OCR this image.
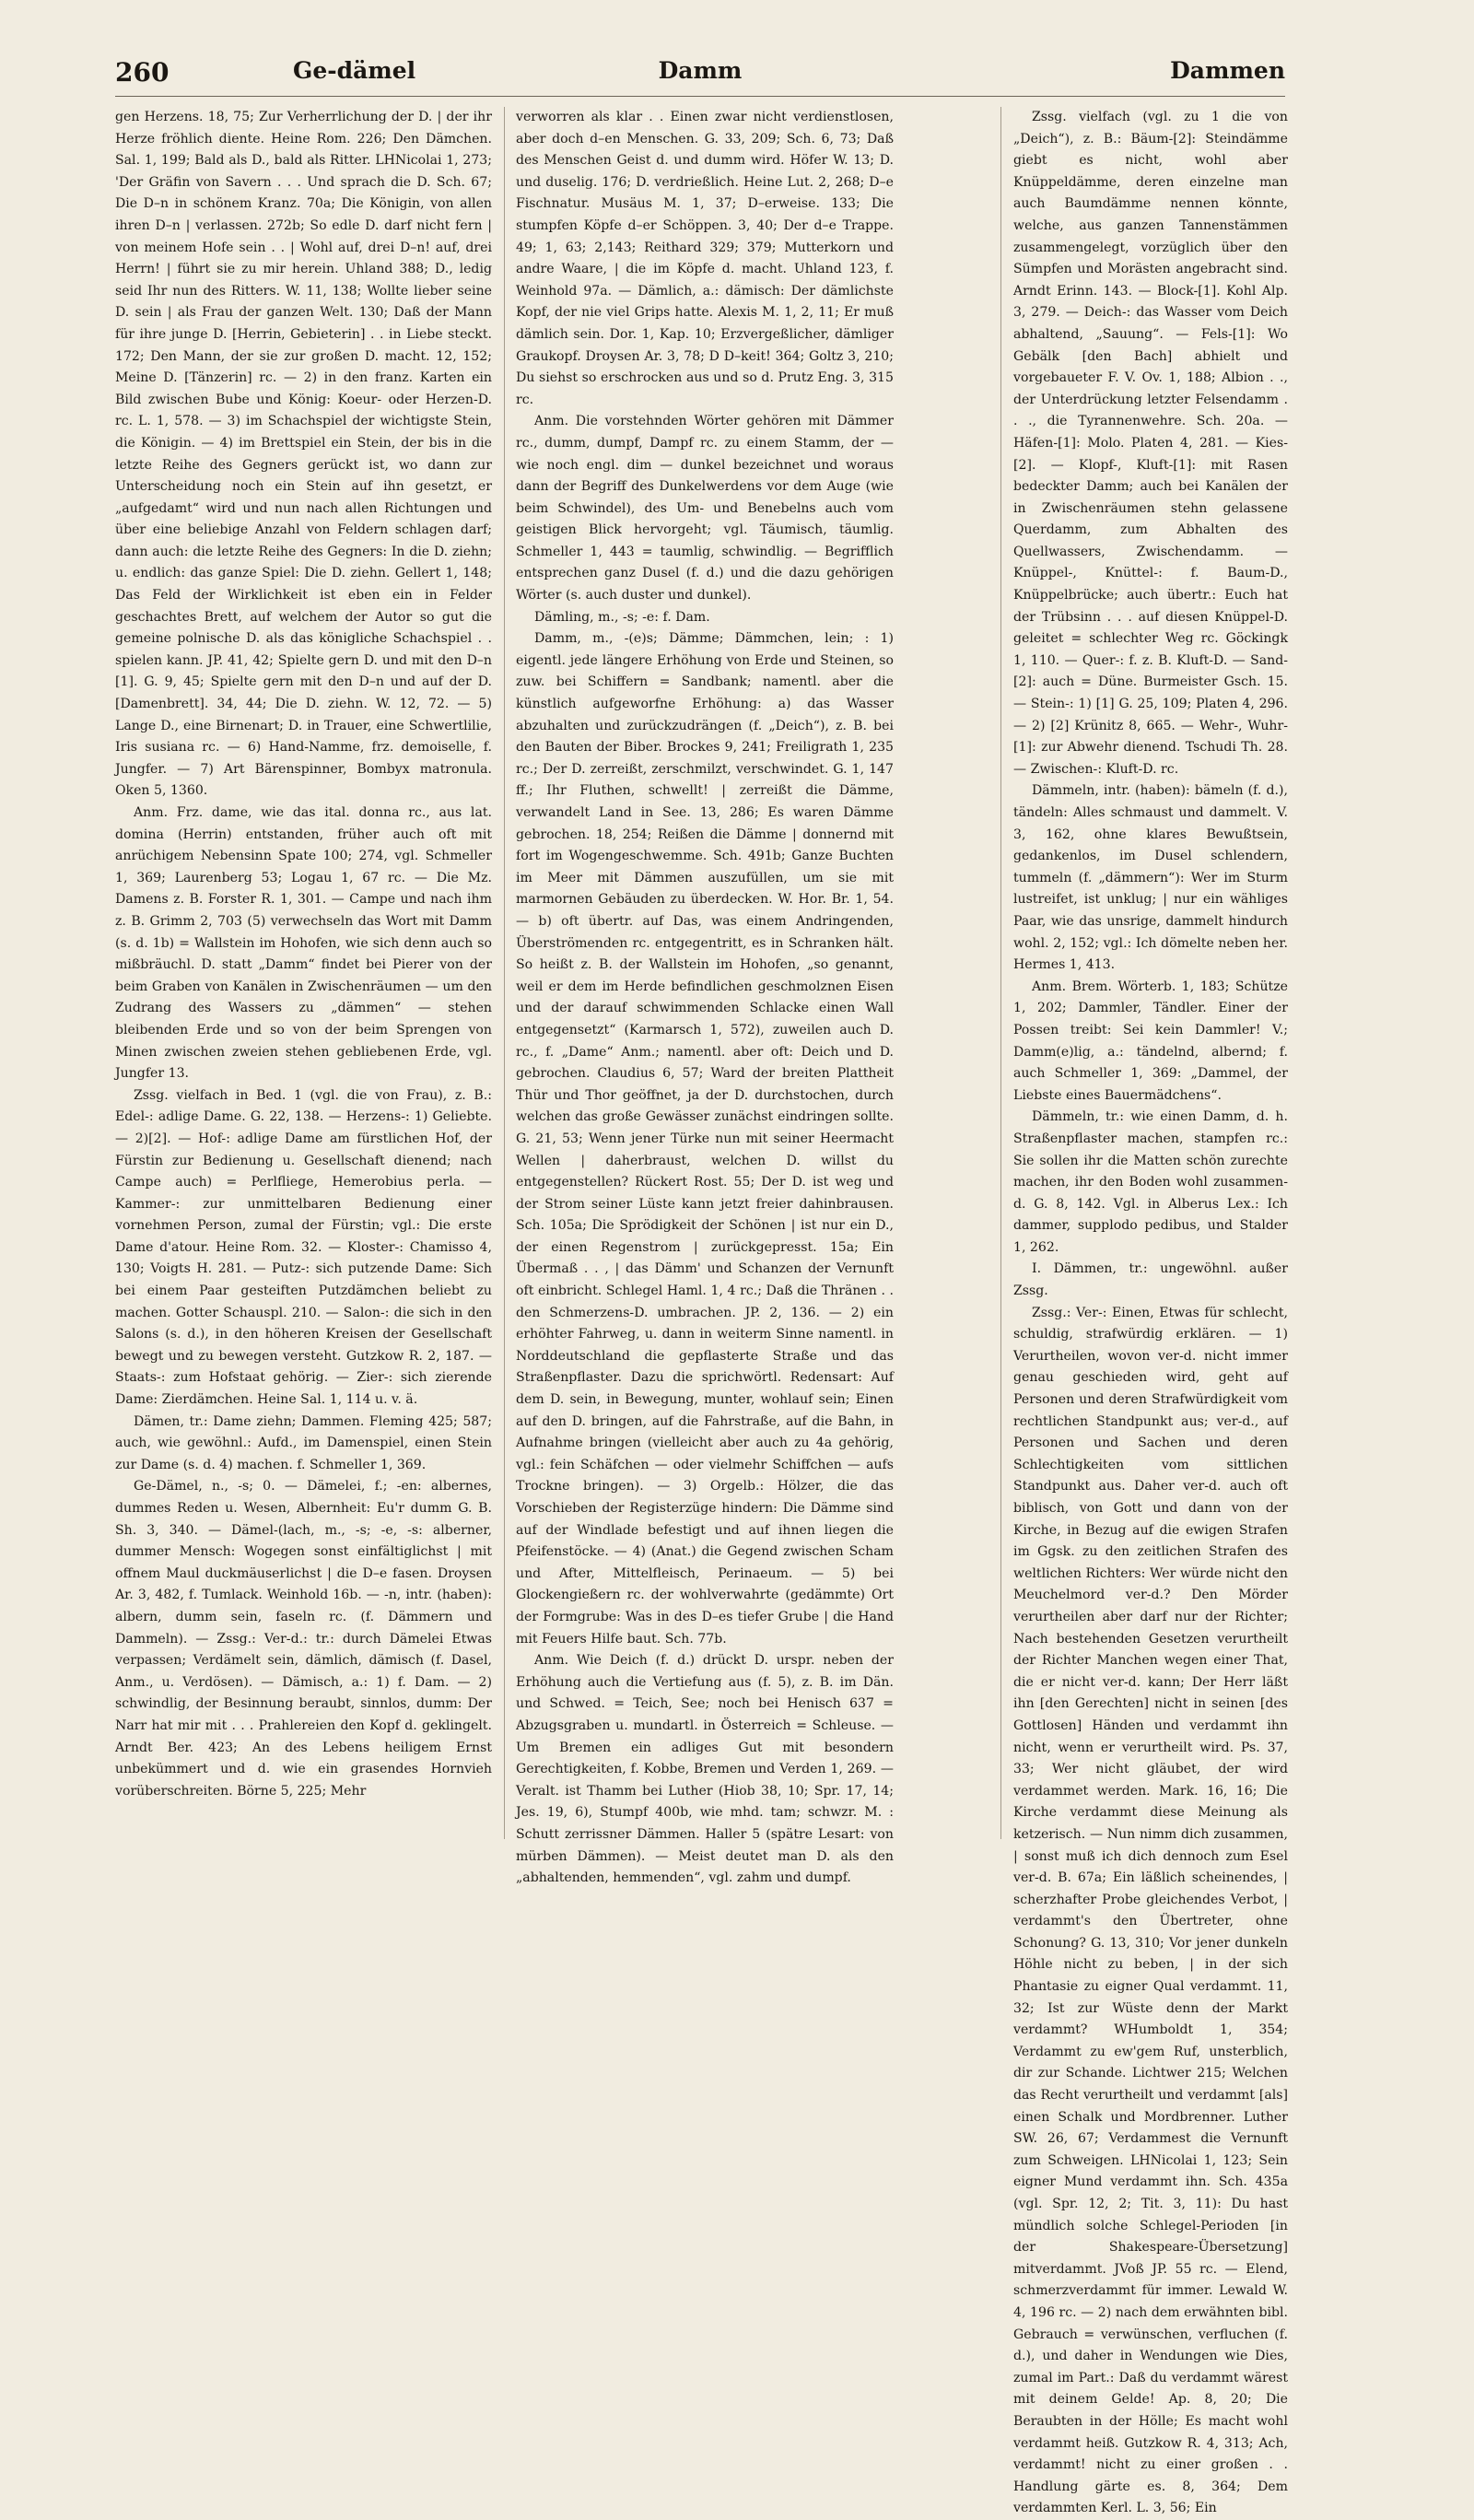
260	Ge-dämel	Damm	Dammen

gen Herzens. 18, 75; Zur Verherrlichung der D. | der ihr Herze fröhlich diente. Heine Rom. 226; Den Dämchen. Sal. 1, 199; Bald als D., bald als Ritter. LHNicolai 1, 273; 'Der Gräfin von Savern . . . Und sprach die D. Sch. 67; Die D–n in schönem Kranz. 70a; Die Königin, von allen ihren D–n | verlassen. 272b; So edle D. darf nicht fern | von meinem Hofe sein . . | Wohl auf, drei D–n! auf, drei Herrn! | führt sie zu mir herein. Uhland 388; D., ledig seid Ihr nun des Ritters. W. 11, 138; Wollte lieber seine D. sein | als Frau der ganzen Welt. 130; Daß der Mann für ihre junge D. [Herrin, Gebieterin] . . in Liebe steckt. 172; Den Mann, der sie zur großen D. macht. 12, 152; Meine D. [Tänzerin] rc. — 2) in den franz. Karten ein Bild zwischen Bube und König: Koeur- oder Herzen-D. rc. L. 1, 578. — 3) im Schachspiel der wichtigste Stein, die Königin. — 4) im Brettspiel ein Stein, der bis in die letzte Reihe des Gegners gerückt ist, wo dann zur Unterscheidung noch ein Stein auf ihn gesetzt, er „aufgedamt“ wird und nun nach allen Richtungen und über eine beliebige Anzahl von Feldern schlagen darf; dann auch: die letzte Reihe des Gegners: In die D. ziehn; u. endlich: das ganze Spiel: Die D. ziehn. Gellert 1, 148; Das Feld der Wirklichkeit ist eben ein in Felder geschachtes Brett, auf welchem der Autor so gut die gemeine polnische D. als das königliche Schachspiel . . spielen kann. JP. 41, 42; Spielte gern D. und mit den D–n [1]. G. 9, 45; Spielte gern mit den D–n und auf der D. [Damenbrett]. 34, 44; Die D. ziehn. W. 12, 72. — 5) Lange D., eine Birnenart; D. in Trauer, eine Schwertlilie, Iris susiana rc. — 6) Hand-Namme, frz. demoiselle, f. Jungfer. — 7) Art Bärenspinner, Bombyx matronula. Oken 5, 1360.

Anm. Frz. dame, wie das ital. donna rc., aus lat. domina (Herrin) entstanden, früher auch oft mit anrüchigem Nebensinn Spate 100; 274, vgl. Schmeller 1, 369; Laurenberg 53; Logau 1, 67 rc. — Die Mz. Damens z. B. Forster R. 1, 301. — Campe und nach ihm z. B. Grimm 2, 703 (5) verwechseln das Wort mit Damm (s. d. 1b) = Wallstein im Hohofen, wie sich denn auch so mißbräuchl. D. statt „Damm“ findet bei Pierer von der beim Graben von Kanälen in Zwischenräumen — um den Zudrang des Wassers zu „dämmen“ — stehen bleibenden Erde und so von der beim Sprengen von Minen zwischen zweien stehen gebliebenen Erde, vgl. Jungfer 13.

Zssg. vielfach in Bed. 1 (vgl. die von Frau), z. B.: Edel-: adlige Dame. G. 22, 138. — Herzens-: 1) Geliebte. — 2)[2]. — Hof-: adlige Dame am fürstlichen Hof, der Fürstin zur Bedienung u. Gesellschaft dienend; nach Campe auch) = Perlfliege, Hemerobius perla. — Kammer-: zur unmittelbaren Bedienung einer vornehmen Person, zumal der Fürstin; vgl.: Die erste Dame d'atour. Heine Rom. 32. — Kloster-: Chamisso 4, 130; Voigts H. 281. — Putz-: sich putzende Dame: Sich bei einem Paar gesteiften Putzdämchen beliebt zu machen. Gotter Schauspl. 210. — Salon-: die sich in den Salons (s. d.), in den höheren Kreisen der Gesellschaft bewegt und zu bewegen versteht. Gutzkow R. 2, 187. — Staats-: zum Hofstaat gehörig. — Zier-: sich zierende Dame: Zierdämchen. Heine Sal. 1, 114 u. v. ä.

Dämen, tr.: Dame ziehn; Dammen. Fleming 425; 587; auch, wie gewöhnl.: Aufd., im Damenspiel, einen Stein zur Dame (s. d. 4) machen. f. Schmeller 1, 369.

Ge-Dämel, n., -s; 0. — Dämelei, f.; -en: albernes, dummes Reden u. Wesen, Albernheit: Eu'r dumm G. B. Sh. 3, 340. — Dämel-(lach, m., -s; -e, -s: alberner, dummer Mensch: Wogegen sonst einfältiglichst | mit offnem Maul duckmäuserlichst | die D–e fasen. Droysen Ar. 3, 482, f. Tumlack. Weinhold 16b. — -n, intr. (haben): albern, dumm sein, faseln rc. (f. Dämmern und Dammeln). — Zssg.: Ver-d.: tr.: durch Dämelei Etwas verpassen; Verdämelt sein, dämlich, dämisch (f. Dasel, Anm., u. Verdösen). — Dämisch, a.: 1) f. Dam. — 2) schwindlig, der Besinnung beraubt, sinnlos, dumm: Der Narr hat mir mit . . . Prahlereien den Kopf d. geklingelt. Arndt Ber. 423; An des Lebens heiligem Ernst unbekümmert und d. wie ein grasendes Hornvieh vorüberschreiten. Börne 5, 225; Mehr

verworren als klar . . Einen zwar nicht verdienstlosen, aber doch d–en Menschen. G. 33, 209; Sch. 6, 73; Daß des Menschen Geist d. und dumm wird. Höfer W. 13; D. und duselig. 176; D. verdrießlich. Heine Lut. 2, 268; D–e Fischnatur. Musäus M. 1, 37; D–erweise. 133; Die stumpfen Köpfe d–er Schöppen. 3, 40; Der d–e Trappe. 49; 1, 63; 2,143; Reithard 329; 379; Mutterkorn und andre Waare, | die im Köpfe d. macht. Uhland 123, f. Weinhold 97a. — Dämlich, a.: dämisch: Der dämlichste Kopf, der nie viel Grips hatte. Alexis M. 1, 2, 11; Er muß dämlich sein. Dor. 1, Kap. 10; Erzvergeßlicher, dämliger Graukopf. Droysen Ar. 3, 78; D D–keit! 364; Goltz 3, 210; Du siehst so erschrocken aus und so d. Prutz Eng. 3, 315 rc.

Anm. Die vorstehnden Wörter gehören mit Dämmer rc., dumm, dumpf, Dampf rc. zu einem Stamm, der — wie noch engl. dim — dunkel bezeichnet und woraus dann der Begriff des Dunkelwerdens vor dem Auge (wie beim Schwindel), des Um- und Benebelns auch vom geistigen Blick hervorgeht; vgl. Täumisch, täumlig. Schmeller 1, 443 = taumlig, schwindlig. — Begrifflich entsprechen ganz Dusel (f. d.) und die dazu gehörigen Wörter (s. auch duster und dunkel).

Dämling, m., -s; -e: f. Dam.

Damm, m., -(e)s; Dämme; Dämmchen, lein; : 1) eigentl. jede längere Erhöhung von Erde und Steinen, so zuw. bei Schiffern = Sandbank; namentl. aber die künstlich aufgeworfne Erhöhung: a) das Wasser abzuhalten und zurückzudrängen (f. „Deich“), z. B. bei den Bauten der Biber. Brockes 9, 241; Freiligrath 1, 235 rc.; Der D. zerreißt, zerschmilzt, verschwindet. G. 1, 147 ff.; Ihr Fluthen, schwellt! | zerreißt die Dämme, verwandelt Land in See. 13, 286; Es waren Dämme gebrochen. 18, 254; Reißen die Dämme | donnernd mit fort im Wogengeschwemme. Sch. 491b; Ganze Buchten im Meer mit Dämmen auszufüllen, um sie mit marmornen Gebäuden zu überdecken. W. Hor. Br. 1, 54. — b) oft übertr. auf Das, was einem Andringenden, Überströmenden rc. entgegentritt, es in Schranken hält. So heißt z. B. der Wallstein im Hohofen, „so genannt, weil er dem im Herde befindlichen geschmolznen Eisen und der darauf schwimmenden Schlacke einen Wall entgegensetzt“ (Karmarsch 1, 572), zuweilen auch D. rc., f. „Dame“ Anm.; namentl. aber oft: Deich und D. gebrochen. Claudius 6, 57; Ward der breiten Plattheit Thür und Thor geöffnet, ja der D. durchstochen, durch welchen das große Gewässer zunächst eindringen sollte. G. 21, 53; Wenn jener Türke nun mit seiner Heermacht Wellen | daherbraust, welchen D. willst du entgegenstellen? Rückert Rost. 55; Der D. ist weg und der Strom seiner Lüste kann jetzt freier dahinbrausen. Sch. 105a; Die Sprödigkeit der Schönen | ist nur ein D., der einen Regenstrom | zurückgepresst. 15a; Ein Übermaß . . , | das Dämm' und Schanzen der Vernunft oft einbricht. Schlegel Haml. 1, 4 rc.; Daß die Thränen . . den Schmerzens-D. umbrachen. JP. 2, 136. — 2) ein erhöhter Fahrweg, u. dann in weiterm Sinne namentl. in Norddeutschland die gepflasterte Straße und das Straßenpflaster. Dazu die sprichwörtl. Redensart: Auf dem D. sein, in Bewegung, munter, wohlauf sein; Einen auf den D. bringen, auf die Fahrstraße, auf die Bahn, in Aufnahme bringen (vielleicht aber auch zu 4a gehörig, vgl.: fein Schäfchen — oder vielmehr Schiffchen — aufs Trockne bringen). — 3) Orgelb.: Hölzer, die das Vorschieben der Registerzüge hindern: Die Dämme sind auf der Windlade befestigt und auf ihnen liegen die Pfeifenstöcke. — 4) (Anat.) die Gegend zwischen Scham und After, Mittelfleisch, Perinaeum. — 5) bei Glockengießern rc. der wohlverwahrte (gedämmte) Ort der Formgrube: Was in des D–es tiefer Grube | die Hand mit Feuers Hilfe baut. Sch. 77b.

Anm. Wie Deich (f. d.) drückt D. urspr. neben der Erhöhung auch die Vertiefung aus (f. 5), z. B. im Dän. und Schwed. = Teich, See; noch bei Henisch 637 = Abzugsgraben u. mundartl. in Österreich = Schleuse. — Um Bremen ein adliges Gut mit besondern Gerechtigkeiten, f. Kobbe, Bremen und Verden 1, 269. — Veralt. ist Thamm bei Luther (Hiob 38, 10; Spr. 17, 14; Jes. 19, 6), Stumpf 400b, wie mhd. tam; schwzr. M. : Schutt zerrissner Dämmen. Haller 5 (spätre Lesart: von mürben Dämmen). — Meist deutet man D. als den „abhaltenden, hemmenden“, vgl. zahm und dumpf.

Zssg. vielfach (vgl. zu 1 die von „Deich“), z. B.: Bäum-[2]: Steindämme giebt es nicht, wohl aber Knüppeldämme, deren einzelne man auch Baumdämme nennen könnte, welche, aus ganzen Tannenstämmen zusammengelegt, vorzüglich über den Sümpfen und Morästen angebracht sind. Arndt Erinn. 143. — Block-[1]. Kohl Alp. 3, 279. — Deich-: das Wasser vom Deich abhaltend, „Sauung“. — Fels-[1]: Wo Gebälk [den Bach] abhielt und vorgebaueter F. V. Ov. 1, 188; Albion . ., der Unterdrückung letzter Felsendamm . . ., die Tyrannenwehre. Sch. 20a. — Häfen-[1]: Molo. Platen 4, 281. — Kies-[2]. — Klopf-, Kluft-[1]: mit Rasen bedeckter Damm; auch bei Kanälen der in Zwischenräumen stehn gelassene Querdamm, zum Abhalten des Quellwassers, Zwischendamm. — Knüppel-, Knüttel-: f. Baum-D., Knüppelbrücke; auch übertr.: Euch hat der Trübsinn . . . auf diesen Knüppel-D. geleitet = schlechter Weg rc. Göckingk 1, 110. — Quer-: f. z. B. Kluft-D. — Sand-[2]: auch = Düne. Burmeister Gsch. 15. — Stein-: 1) [1] G. 25, 109; Platen 4, 296. — 2) [2] Krünitz 8, 665. — Wehr-, Wuhr-[1]: zur Abwehr dienend. Tschudi Th. 28. — Zwischen-: Kluft-D. rc.

Dämmeln, intr. (haben): bämeln (f. d.), tändeln: Alles schmaust und dammelt. V. 3, 162, ohne klares Bewußtsein, gedankenlos, im Dusel schlendern, tummeln (f. „dämmern“): Wer im Sturm lustreifet, ist unklug; | nur ein wähliges Paar, wie das unsrige, dammelt hindurch wohl. 2, 152; vgl.: Ich dömelte neben her. Hermes 1, 413.

Anm. Brem. Wörterb. 1, 183; Schütze 1, 202; Dammler, Tändler. Einer der Possen treibt: Sei kein Dammler! V.; Damm(e)lig, a.: tändelnd, albernd; f. auch Schmeller 1, 369: „Dammel, der Liebste eines Bauermädchens“.

Dämmeln, tr.: wie einen Damm, d. h. Straßenpflaster machen, stampfen rc.: Sie sollen ihr die Matten schön zurechte machen, ihr den Boden wohl zusammen-d. G. 8, 142. Vgl. in Alberus Lex.: Ich dammer, supplodo pedibus, und Stalder 1, 262.

I. Dämmen, tr.: ungewöhnl. außer Zssg.

Zssg.: Ver-: Einen, Etwas für schlecht, schuldig, strafwürdig erklären. — 1) Verurtheilen, wovon ver-d. nicht immer genau geschieden wird, geht auf Personen und deren Strafwürdigkeit vom rechtlichen Standpunkt aus; ver-d., auf Personen und Sachen und deren Schlechtigkeiten vom sittlichen Standpunkt aus. Daher ver-d. auch oft biblisch, von Gott und dann von der Kirche, in Bezug auf die ewigen Strafen im Ggsk. zu den zeitlichen Strafen des weltlichen Richters: Wer würde nicht den Meuchelmord ver-d.? Den Mörder verurtheilen aber darf nur der Richter; Nach bestehenden Gesetzen verurtheilt der Richter Manchen wegen einer That, die er nicht ver-d. kann; Der Herr läßt ihn [den Gerechten] nicht in seinen [des Gottlosen] Händen und verdammt ihn nicht, wenn er verurtheilt wird. Ps. 37, 33; Wer nicht gläubet, der wird verdammet werden. Mark. 16, 16; Die Kirche verdammt diese Meinung als ketzerisch. — Nun nimm dich zusammen, | sonst muß ich dich dennoch zum Esel ver-d. B. 67a; Ein läßlich scheinendes, | scherzhafter Probe gleichendes Verbot, | verdammt's den Übertreter, ohne Schonung? G. 13, 310; Vor jener dunkeln Höhle nicht zu beben, | in der sich Phantasie zu eigner Qual verdammt. 11, 32; Ist zur Wüste denn der Markt verdammt? WHumboldt 1, 354; Verdammt zu ew'gem Ruf, unsterblich, dir zur Schande. Lichtwer 215; Welchen das Recht verurtheilt und verdammt [als] einen Schalk und Mordbrenner. Luther SW. 26, 67; Verdammest die Vernunft zum Schweigen. LHNicolai 1, 123; Sein eigner Mund verdammt ihn. Sch. 435a (vgl. Spr. 12, 2; Tit. 3, 11): Du hast mündlich solche Schlegel-Perioden [in der Shakespeare-Übersetzung] mitverdammt. JVoß JP. 55 rc. — Elend, schmerzverdammt für immer. Lewald W. 4, 196 rc. — 2) nach dem erwähnten bibl. Gebrauch = verwünschen, verfluchen (f. d.), und daher in Wendungen wie Dies, zumal im Part.: Daß du verdammt wärest mit deinem Gelde! Ap. 8, 20; Die Beraubten in der Hölle; Es macht wohl verdammt heiß. Gutzkow R. 4, 313; Ach, verdammt! nicht zu einer großen . . Handlung gärte es. 8, 364; Dem verdammten Kerl. L. 3, 56; Ein
